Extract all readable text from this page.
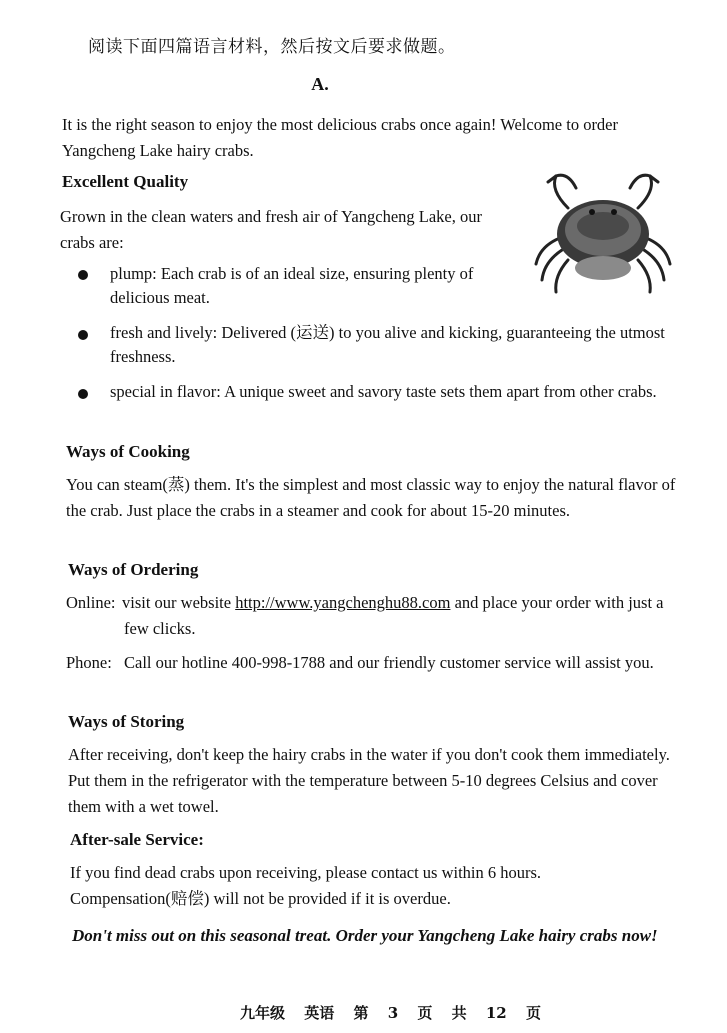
阅读下面四篇语言材料，然后按文后要求做题。
A.
It is the right season to enjoy the most delicious crabs once again! Welcome to order Yangcheng Lake hairy crabs.
Excellent Quality
Grown in the clean waters and fresh air of Yangcheng Lake, our crabs are:
plump: Each crab is of an ideal size, ensuring plenty of delicious meat.
fresh and lively: Delivered (运送) to you alive and kicking, guaranteeing the utmost freshness.
special in flavor: A unique sweet and savory taste sets them apart from other crabs.
Ways of Cooking
You can steam(蒸) them. It's the simplest and most classic way to enjoy the natural flavor of the crab. Just place the crabs in a steamer and cook for about 15-20 minutes.
Ways of Ordering
Online: visit our website http://www.yangchenghu88.com and place your order with just a few clicks.
Phone: Call our hotline 400-998-1788 and our friendly customer service will assist you.
Ways of Storing
After receiving, don't keep the hairy crabs in the water if you don't cook them immediately. Put them in the refrigerator with the temperature between 5-10 degrees Celsius and cover them with a wet towel.
After-sale Service:
If you find dead crabs upon receiving, please contact us within 6 hours. Compensation(赔偿) will not be provided if it is overdue.
Don't miss out on this seasonal treat. Order your Yangcheng Lake hairy crabs now!
九年级 英语 第 3 页 共 12 页
